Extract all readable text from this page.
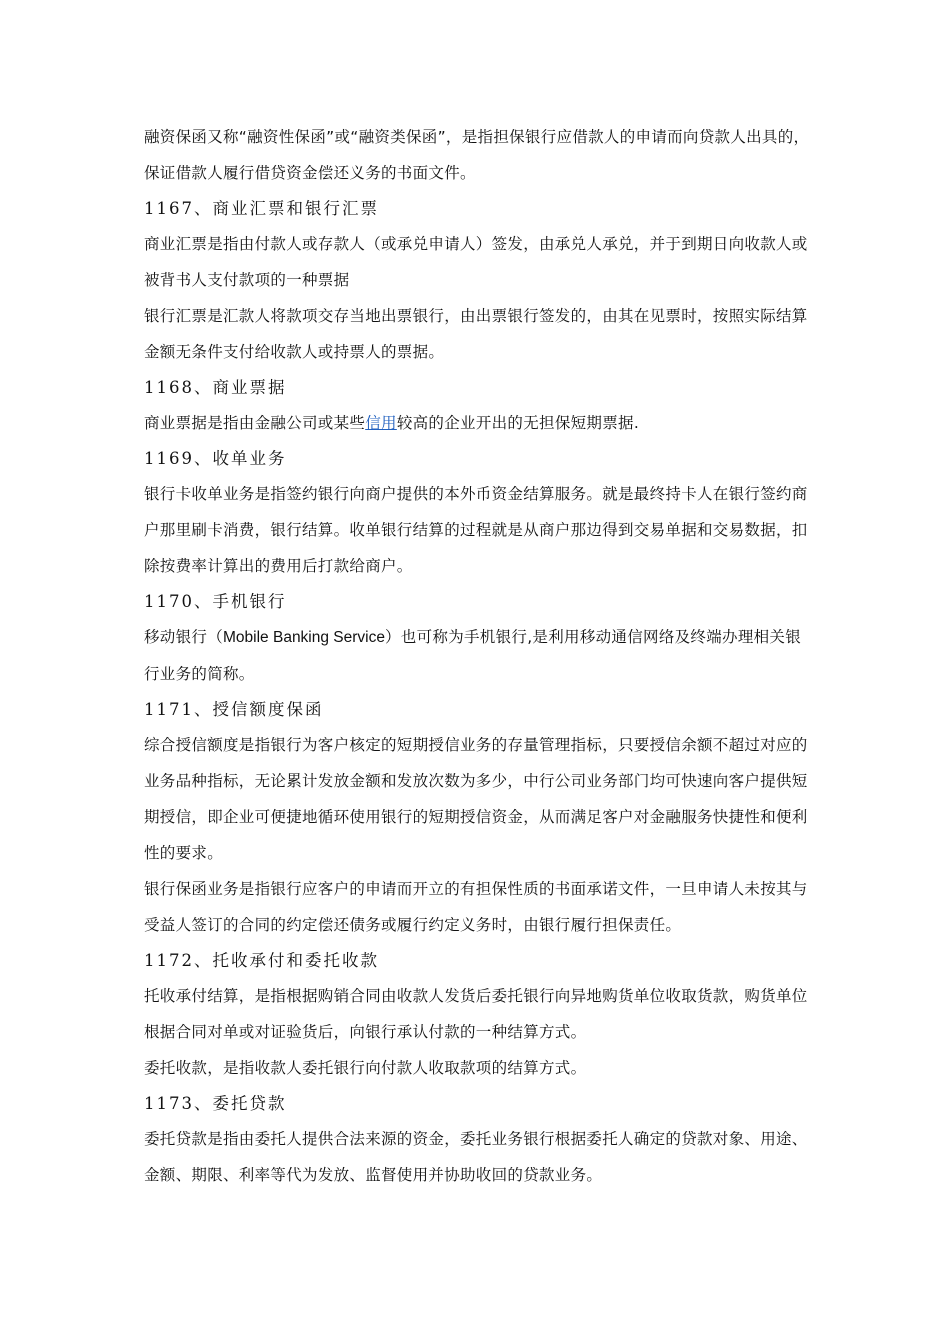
融资保函又称“融资性保函”或“融资类保函”，是指担保银行应借款人的申请而向贷款人出具的，保证借款人履行借贷资金偿还义务的书面文件。

1167、商业汇票和银行汇票

商业汇票是指由付款人或存款人（或承兑申请人）签发，由承兑人承兑，并于到期日向收款人或被背书人支付款项的一种票据

银行汇票是汇款人将款项交存当地出票银行，由出票银行签发的，由其在见票时，按照实际结算金额无条件支付给收款人或持票人的票据。

1168、商业票据

商业票据是指由金融公司或某些信用较高的企业开出的无担保短期票据.

1169、收单业务

银行卡收单业务是指签约银行向商户提供的本外币资金结算服务。就是最终持卡人在银行签约商户那里刷卡消费，银行结算。收单银行结算的过程就是从商户那边得到交易单据和交易数据，扣除按费率计算出的费用后打款给商户。

1170、手机银行

移动银行（Mobile Banking Service）也可称为手机银行,是利用移动通信网络及终端办理相关银行业务的简称。

1171、授信额度保函

综合授信额度是指银行为客户核定的短期授信业务的存量管理指标，只要授信余额不超过对应的业务品种指标，无论累计发放金额和发放次数为多少，中行公司业务部门均可快速向客户提供短期授信，即企业可便捷地循环使用银行的短期授信资金，从而满足客户对金融服务快捷性和便利性的要求。

银行保函业务是指银行应客户的申请而开立的有担保性质的书面承诺文件，一旦申请人未按其与受益人签订的合同的约定偿还债务或履行约定义务时，由银行履行担保责任。

1172、托收承付和委托收款

托收承付结算，是指根据购销合同由收款人发货后委托银行向异地购货单位收取货款，购货单位根据合同对单或对证验货后，向银行承认付款的一种结算方式。

委托收款，是指收款人委托银行向付款人收取款项的结算方式。

1173、委托贷款

委托贷款是指由委托人提供合法来源的资金，委托业务银行根据委托人确定的贷款对象、用途、金额、期限、利率等代为发放、监督使用并协助收回的贷款业务。
